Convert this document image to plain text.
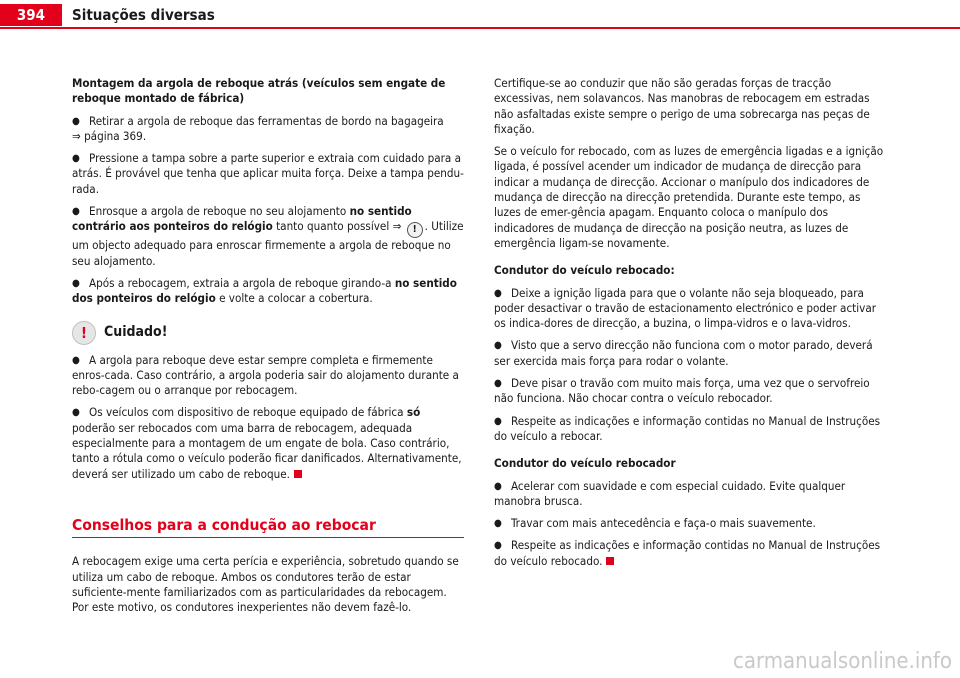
394	Situações diversas

Montagem da argola de reboque atrás (veículos sem engate de reboque montado de fábrica)

● Retirar a argola de reboque das ferramentas de bordo na bagageira
⇒ página 369.

● Pressione a tampa sobre a parte superior e extraia com cuidado para a atrás. É provável que tenha que aplicar muita força. Deixe a tampa pendu-rada.

● Enrosque a argola de reboque no seu alojamento no sentido contrário aos ponteiros do relógio tanto quanto possível ⇒ ! . Utilize um objecto adequado para enroscar firmemente a argola de reboque no seu alojamento.

● Após a rebocagem, extraia a argola de reboque girando-a no sentido dos ponteiros do relógio e volte a colocar a cobertura.

!
Cuidado!

● A argola para reboque deve estar sempre completa e firmemente enros-cada. Caso contrário, a argola poderia sair do alojamento durante a rebo-cagem ou o arranque por rebocagem.

● Os veículos com dispositivo de reboque equipado de fábrica só poderão ser rebocados com uma barra de rebocagem, adequada especialmente para a montagem de um engate de bola. Caso contrário, tanto a rótula como o veículo poderão ficar danificados. Alternativamente, deverá ser utilizado um cabo de reboque.

Conselhos para a condução ao rebocar

A rebocagem exige uma certa perícia e experiência, sobretudo quando se utiliza um cabo de reboque. Ambos os condutores terão de estar suficiente-mente familiarizados com as particularidades da rebocagem. Por este motivo, os condutores inexperientes não devem fazê-lo.

Certifique-se ao conduzir que não são geradas forças de tracção excessivas, nem solavancos. Nas manobras de rebocagem em estradas não asfaltadas existe sempre o perigo de uma sobrecarga nas peças de fixação.

Se o veículo for rebocado, com as luzes de emergência ligadas e a ignição ligada, é possível acender um indicador de mudança de direcção para indicar a mudança de direcção. Accionar o manípulo dos indicadores de mudança de direcção na direcção pretendida. Durante este tempo, as luzes de emer-gência apagam. Enquanto coloca o manípulo dos indicadores de mudança de direcção na posição neutra, as luzes de emergência ligam-se novamente.

Condutor do veículo rebocado:

● Deixe a ignição ligada para que o volante não seja bloqueado, para poder desactivar o travão de estacionamento electrónico e poder activar os indica-dores de direcção, a buzina, o limpa-vidros e o lava-vidros.

● Visto que a servo direcção não funciona com o motor parado, deverá ser exercida mais força para rodar o volante.

● Deve pisar o travão com muito mais força, uma vez que o servofreio não funciona. Não chocar contra o veículo rebocador.

● Respeite as indicações e informação contidas no Manual de Instruções do veículo a rebocar.

Condutor do veículo rebocador

● Acelerar com suavidade e com especial cuidado. Evite qualquer manobra brusca.

● Travar com mais antecedência e faça-o mais suavemente.

● Respeite as indicações e informação contidas no Manual de Instruções do veículo rebocado.

carmanualsonline.info
